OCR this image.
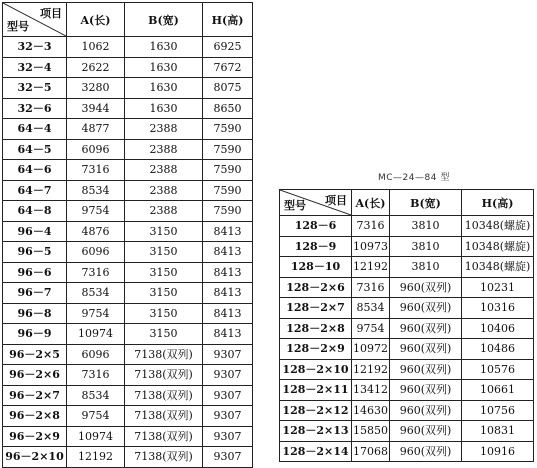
项目
型号	A(长)	B(宽)	H(高)
32－3	1062	1630	6925
32－4	2622	1630	7672
32－5	3280	1630	8075
32－6	3944	1630	8650
64－4	4877	2388	7590
64－5	6096	2388	7590
64－6	7316	2388	7590
64－7	8534	2388	7590
64－8	9754	2388	7590
96－4	4876	3150	8413
96－5	6096	3150	8413
96－6	7316	3150	8413
96－7	8534	3150	8413
96－8	9754	3150	8413
96－9	10974	3150	8413
96－2×5	6096	7138(双列)	9307
96－2×6	7316	7138(双列)	9307
96－2×7	8534	7138(双列)	9307
96－2×8	9754	7138(双列)	9307
96－2×9	10974	7138(双列)	9307
96－2×10	12192	7138(双列)	9307
MC—24—84 型
项目
型号	A(长)	B(宽)	H(高)
128－6	7316	3810	10348(螺旋)
128－9	10973	3810	10348(螺旋)
128－10	12192	3810	10348(螺旋)
128－2×6	7316	960(双列)	10231
128－2×7	8534	960(双列)	10316
128－2×8	9754	960(双列)	10406
128－2×9	10972	960(双列)	10486
128－2×10	12192	960(双列)	10576
128－2×11	13412	960(双列)	10661
128－2×12	14630	960(双列)	10756
128－2×13	15850	960(双列)	10831
128－2×14	17068	960(双列)	10916
